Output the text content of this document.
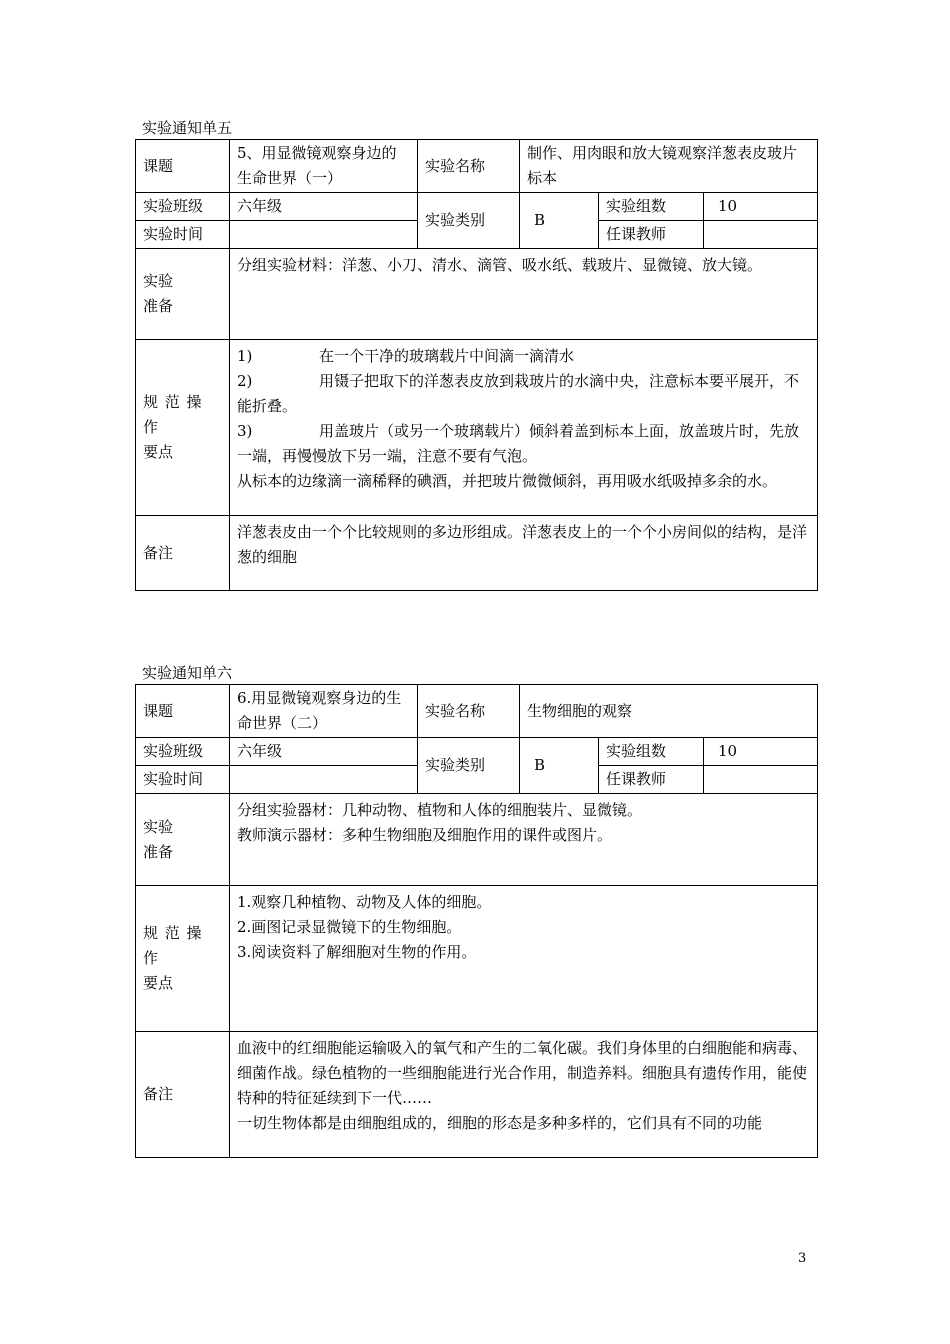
实验通知单五
课题	5、用显微镜观察身边的生命世界（一）	实验名称	制作、用肉眼和放大镜观察洋葱表皮玻片标本		
实验班级	六年级	实验类别	B	实验组数	10
实验时间				任课教师	

实验
准备	分组实验材料：洋葱、小刀、清水、滴管、吸水纸、载玻片、显微镜、放大镜。				

规范操作
要点	1) 在一个干净的玻璃载片中间滴一滴清水
2) 用镊子把取下的洋葱表皮放到栽玻片的水滴中央，注意标本要平展开，不能折叠。
3) 用盖玻片（或另一个玻璃载片）倾斜着盖到标本上面，放盖玻片时，先放一端，再慢慢放下另一端，注意不要有气泡。
从标本的边缘滴一滴稀释的碘酒，并把玻片微微倾斜，再用吸水纸吸掉多余的水。				

备注	洋葱表皮由一个个比较规则的多边形组成。洋葱表皮上的一个个小房间似的结构，是洋葱的细胞				
实验通知单六
课题	6.用显微镜观察身边的生命世界（二）	实验名称	生物细胞的观察		
实验班级	六年级	实验类别	B	实验组数	10
实验时间				任课教师	

实验
准备	分组实验器材：几种动物、植物和人体的细胞装片、显微镜。
教师演示器材：多种生物细胞及细胞作用的课件或图片。				

规范操作
要点	1.观察几种植物、动物及人体的细胞。
2.画图记录显微镜下的生物细胞。
3.阅读资料了解细胞对生物的作用。				

备注	血液中的红细胞能运输吸入的氧气和产生的二氧化碳。我们身体里的白细胞能和病毒、细菌作战。绿色植物的一些细胞能进行光合作用，制造养料。细胞具有遗传作用，能使特种的特征延续到下一代……
一切生物体都是由细胞组成的，细胞的形态是多种多样的，它们具有不同的功能				
3
